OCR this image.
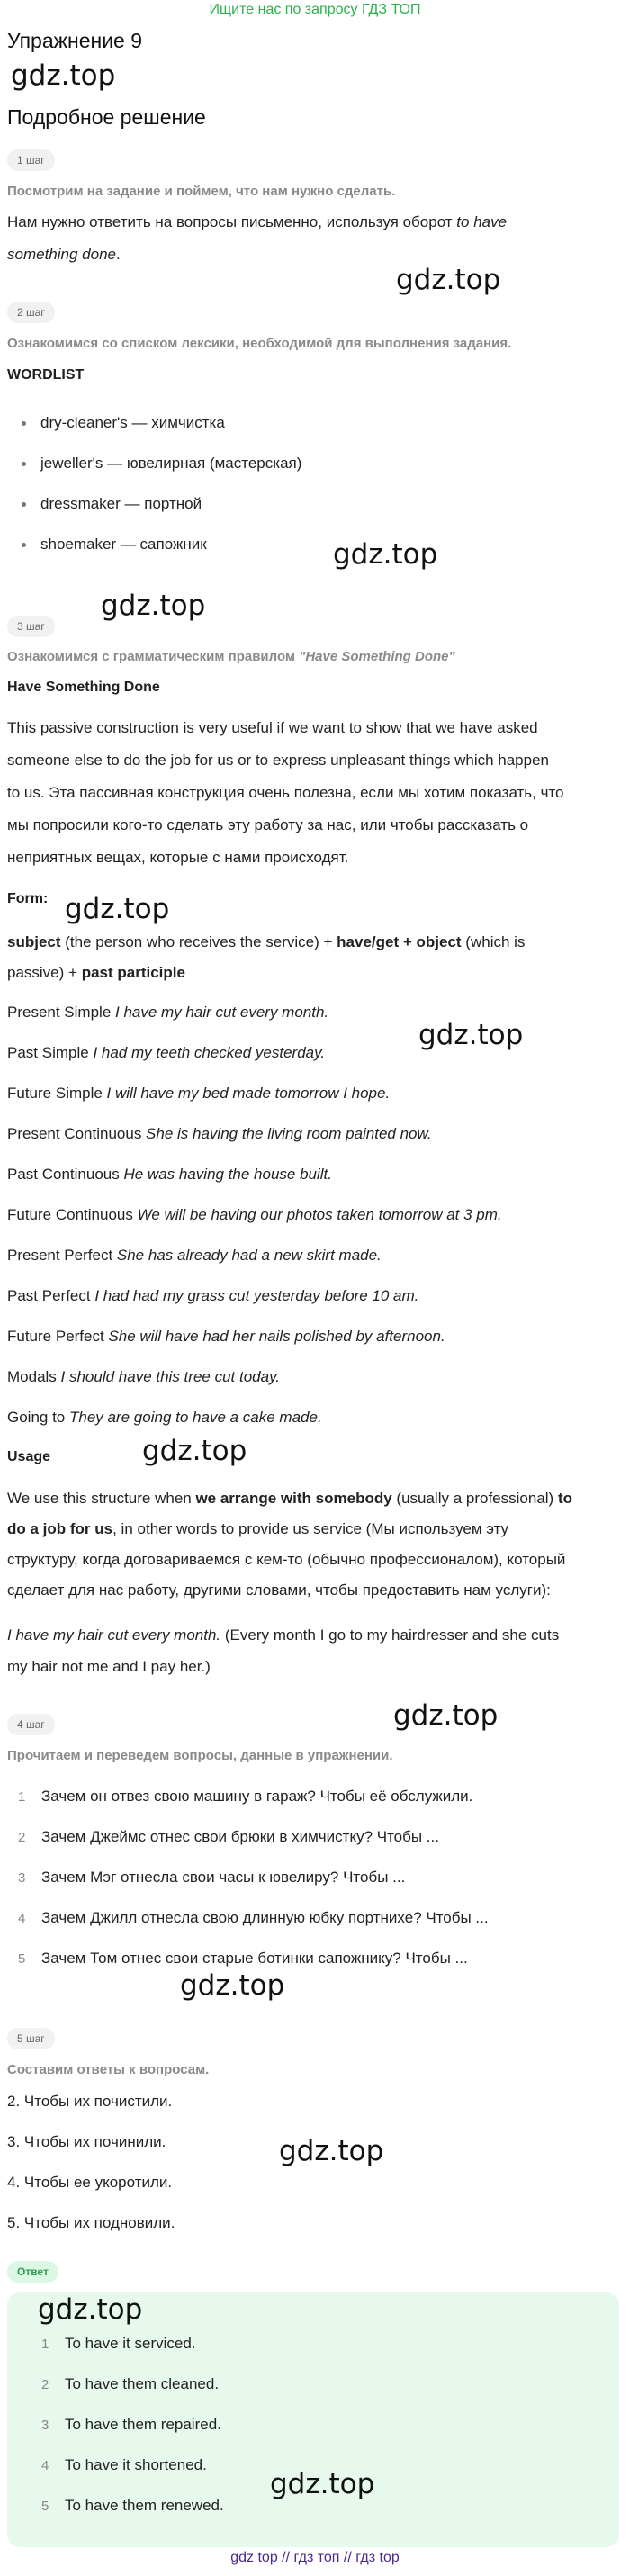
Ищите нас по запросу ГДЗ ТОП
Упражнение 9
gdz.top
Подробное решение
1 шаг
Посмотрим на задание и поймем, что нам нужно сделать.
Нам нужно ответить на вопросы письменно, используя оборот to have
something done.
gdz.top
2 шаг
Ознакомимся со списком лексики, необходимой для выполнения задания.
WORDLIST
dry-cleaner's — химчистка
jeweller's — ювелирная (мастерская)
dressmaker — портной
shoemaker — сапожник	gdz.top
gdz.top
3 шаг
Ознакомимся с грамматическим правилом "Have Something Done"
Have Something Done
This passive construction is very useful if we want to show that we have asked
someone else to do the job for us or to express unpleasant things which happen
to us. Эта пассивная конструкция очень полезна, если мы хотим показать, что
мы попросили кого-то сделать эту работу за нас, или чтобы рассказать о
неприятных вещах, которые с нами происходят.
Form: gdz.top
subject (the person who receives the service) + have/get + object (which is
passive) + past participle
Present Simple I have my hair cut every month.
Past Simple I had my teeth checked yesterday.
gdz.top
Future Simple I will have my bed made tomorrow I hope.
Present Continuous She is having the living room painted now.
Past Continuous He was having the house built.
Future Continuous We will be having our photos taken tomorrow at 3 pm.
Present Perfect She has already had a new skirt made.
Past Perfect I had had my grass cut yesterday before 10 am.
Future Perfect She will have had her nails polished by afternoon.
Modals I should have this tree cut today.
Going to They are going to have a cake made.
Usage	gdz.top
We use this structure when we arrange with somebody (usually a professional) to
do a job for us, in other words to provide us service (Мы используем эту
структуру, когда договариваемся с кем-то (обычно профессионалом), который
сделает для нас работу, другими словами, чтобы предоставить нам услуги):
I have my hair cut every month. (Every month I go to my hairdresser and she cuts
my hair not me and I pay her.)
gdz.top
4 шаг
Прочитаем и переведем вопросы, данные в упражнении.
1 Зачем он отвез свою машину в гараж? Чтобы её обслужили.
2 Зачем Джеймс отнес свои брюки в химчистку? Чтобы ...
3 Зачем Мэг отнесла свои часы к ювелиру? Чтобы ...
4 Зачем Джилл отнесла свою длинную юбку портнихе? Чтобы ...
5 Зачем Том отнес свои старые ботинки сапожнику? Чтобы ...
gdz.top
5 шаг
Составим ответы к вопросам.
2. Чтобы их почистили.
3. Чтобы их починили.	gdz.top
4. Чтобы ее укоротили.
5. Чтобы их подновили.
Ответ
gdz.top
1 To have it serviced.
2 To have them cleaned.
3 To have them repaired.
4 To have it shortened.
gdz.top
5 To have them renewed.
gdz top // гдз топ // гдз top
